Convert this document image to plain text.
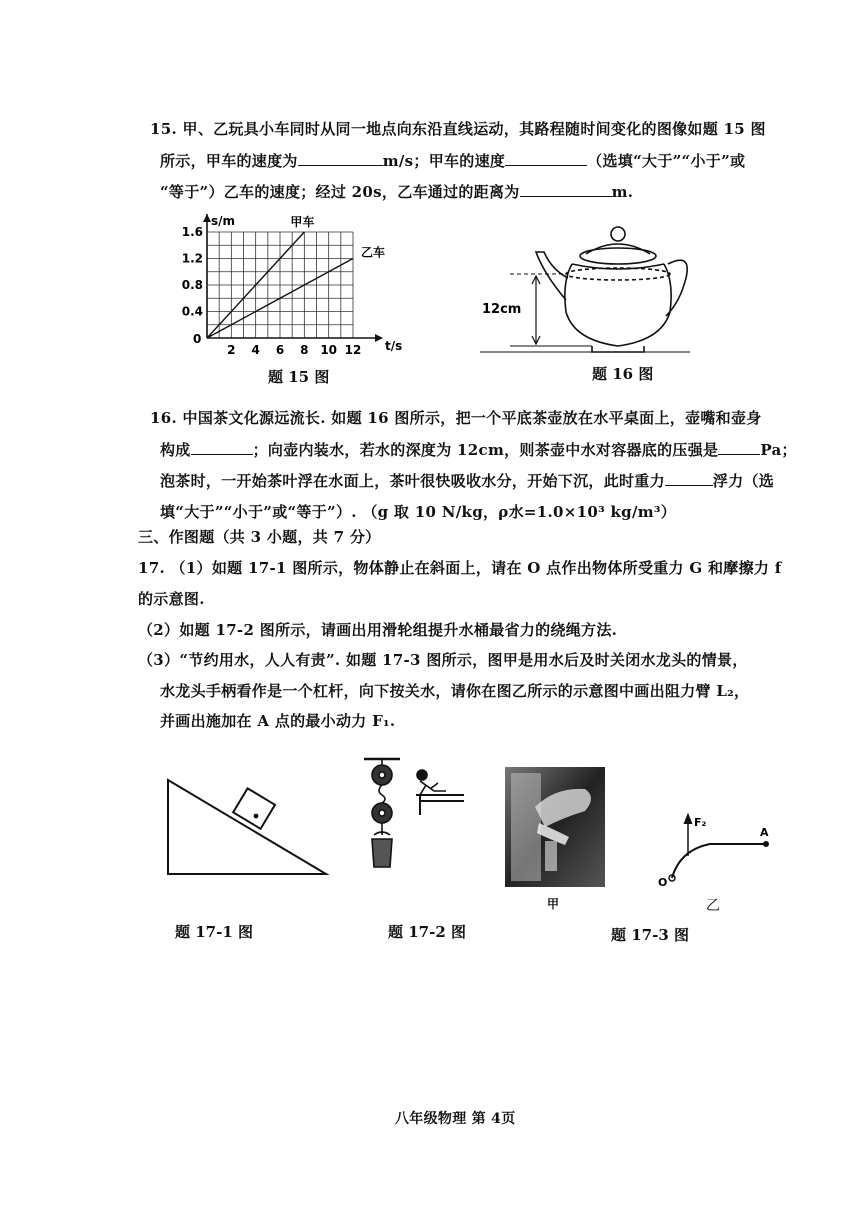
15. 甲、乙玩具小车同时从同一地点向东沿直线运动，其路程随时间变化的图像如题 15 图
所示，甲车的速度为	m/s；甲车的速度	（选填“大于”“小于”或
“等于”）乙车的速度；经过 20s，乙车通过的距离为	m.
s/m
t/s
0
甲车
乙车
2 4 6 8 10 12
0.4
0.8
1.2
1.6
题 15 图
12cm
题 16 图
16. 中国茶文化源远流长. 如题 16 图所示，把一个平底茶壶放在水平桌面上，壶嘴和壶身
构成	；向壶内装水，若水的深度为 12cm，则茶壶中水对容器底的压强是	Pa；
泡茶时，一开始茶叶浮在水面上，茶叶很快吸收水分，开始下沉，此时重力	浮力（选
填“大于”“小于”或“等于”）. （g 取 10 N/kg，ρ水=1.0×10³ kg/m³）
三、作图题（共 3 小题，共 7 分）
17. （1）如题 17-1 图所示，物体静止在斜面上，请在 O 点作出物体所受重力 G 和摩擦力 f
的示意图.
（2）如题 17-2 图所示，请画出用滑轮组提升水桶最省力的绕绳方法.
（3）“节约用水，人人有责”. 如题 17-3 图所示，图甲是用水后及时关闭水龙头的情景，
水龙头手柄看作是一个杠杆，向下按关水，请你在图乙所示的示意图中画出阻力臂 L₂，
并画出施加在 A 点的最小动力 F₁.
题 17-1 图	题 17-2 图
甲
F₂
A
O
乙
题 17-3 图
八年级物理 第 4页
